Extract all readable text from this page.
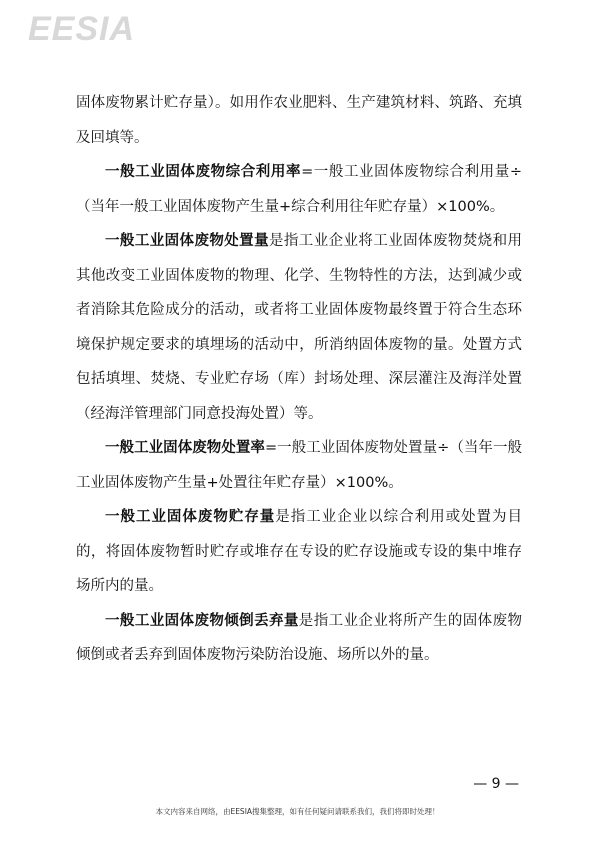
EESIA

固体废物累计贮存量）。如用作农业肥料、生产建筑材料、筑路、充填及回填等。

一般工业固体废物综合利用率=一般工业固体废物综合利用量÷（当年一般工业固体废物产生量+综合利用往年贮存量）×100%。

一般工业固体废物处置量是指工业企业将工业固体废物焚烧和用其他改变工业固体废物的物理、化学、生物特性的方法，达到减少或者消除其危险成分的活动，或者将工业固体废物最终置于符合生态环境保护规定要求的填埋场的活动中，所消纳固体废物的量。处置方式包括填埋、焚烧、专业贮存场（库）封场处理、深层灌注及海洋处置（经海洋管理部门同意投海处置）等。

一般工业固体废物处置率=一般工业固体废物处置量÷（当年一般工业固体废物产生量+处置往年贮存量）×100%。

一般工业固体废物贮存量是指工业企业以综合利用或处置为目的，将固体废物暂时贮存或堆存在专设的贮存设施或专设的集中堆存场所内的量。

一般工业固体废物倾倒丢弃量是指工业企业将所产生的固体废物倾倒或者丢弃到固体废物污染防治设施、场所以外的量。

— 9 —
本文内容来自网络，由EESIA搜集整理，如有任何疑问请联系我们，我们将即时处理！
